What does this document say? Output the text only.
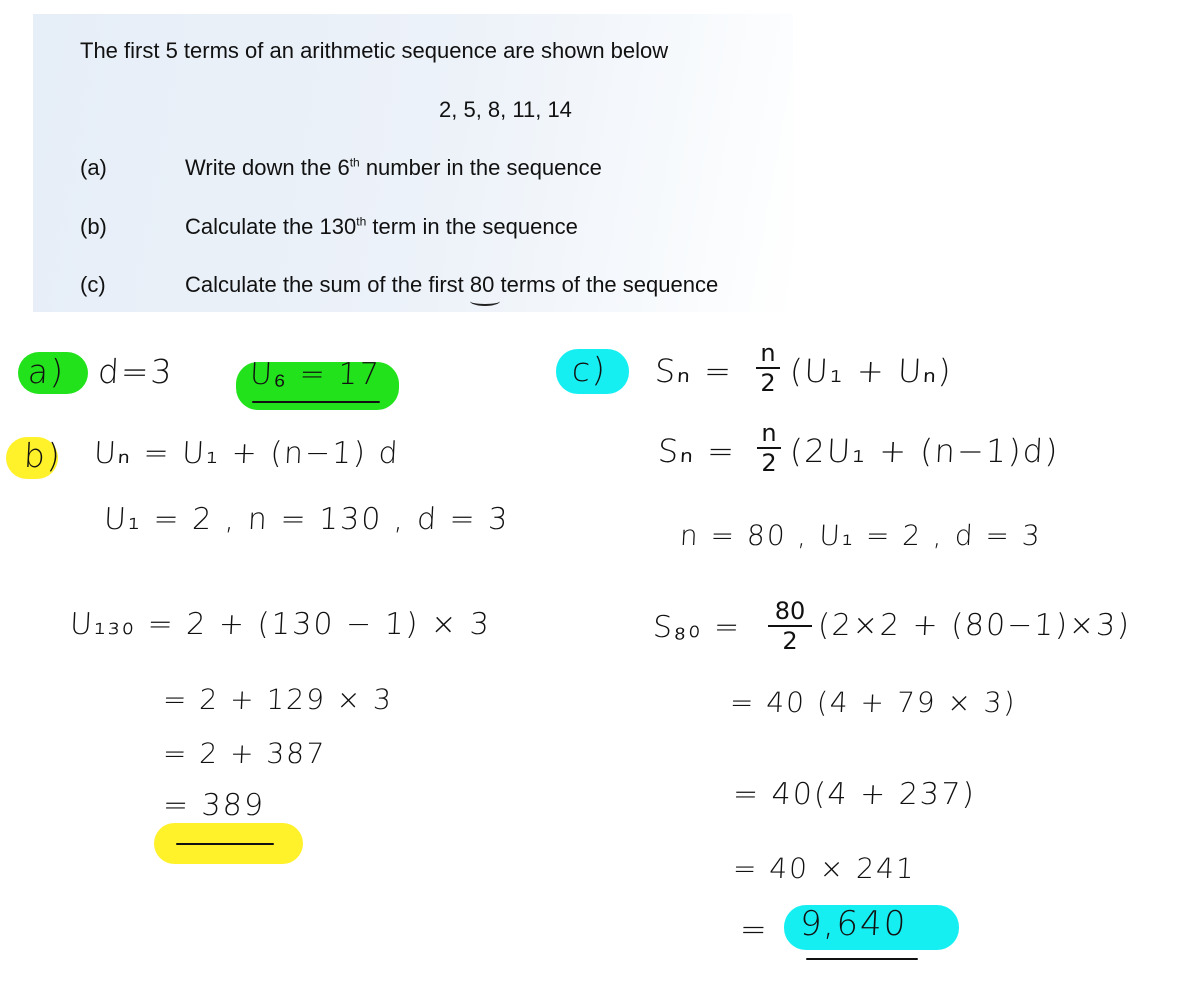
The first 5 terms of an arithmetic sequence are shown below
2, 5, 8, 11, 14
(a)	Write down the 6th number in the sequence
(b)	Calculate the 130th term in the sequence
(c)	Calculate the sum of the first 80 terms of the sequence
a) d=3 U₆ = 17
b) Uₙ = U₁ + (n−1) d
U₁ = 2 , n = 130 , d = 3
U₁₃₀ = 2 + (130 − 1) × 3
= 2 + 129 × 3
= 2 + 387
= 389
c) Sₙ = n
2 (U₁ + Uₙ)
Sₙ = n
2 (2U₁ + (n−1)d)
n = 80 , U₁ = 2 , d = 3
S₈₀ = 80
2 (2×2 + (80−1)×3)
= 40 (4 + 79 × 3)
= 40(4 + 237)
= 40 × 241
= 9,640
